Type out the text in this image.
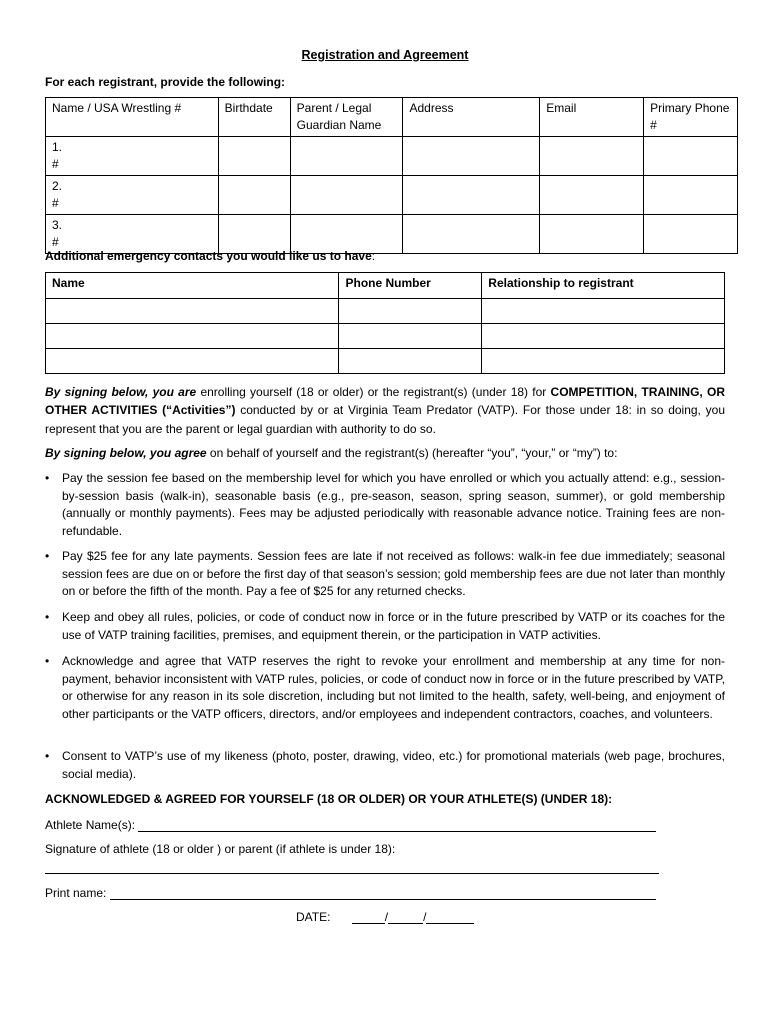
Registration and Agreement
For each registrant, provide the following:
Name / USA Wrestling #	Birthdate	Parent / Legal Guardian Name	Address	Email	Primary Phone #

1.
#					

2.
#					

3.
#					

Additional emergency contacts you would like us to have:
Name	Phone Number	Relationship to registrant

By signing below, you are enrolling yourself (18 or older) or the registrant(s) (under 18) for COMPETITION, TRAINING, OR OTHER ACTIVITIES (“Activities”) conducted by or at Virginia Team Predator (VATP). For those under 18: in so doing, you represent that you are the parent or legal guardian with authority to do so.
By signing below, you agree on behalf of yourself and the registrant(s) (hereafter “you”, “your,” or “my”) to:
•	Pay the session fee based on the membership level for which you have enrolled or which you actually attend: e.g., session-by-session basis (walk-in), seasonable basis (e.g., pre-season, season, spring season, summer), or gold membership (annually or monthly payments). Fees may be adjusted periodically with reasonable advance notice. Training fees are non-refundable.
•	Pay $25 fee for any late payments. Session fees are late if not received as follows: walk-in fee due immediately; seasonal session fees are due on or before the first day of that season’s session; gold membership fees are due not later than monthly on or before the fifth of the month. Pay a fee of $25 for any returned checks.
•	Keep and obey all rules, policies, or code of conduct now in force or in the future prescribed by VATP or its coaches for the use of VATP training facilities, premises, and equipment therein, or the participation in VATP activities.
•	Acknowledge and agree that VATP reserves the right to revoke your enrollment and membership at any time for non-payment, behavior inconsistent with VATP rules, policies, or code of conduct now in force or in the future prescribed by VATP, or otherwise for any reason in its sole discretion, including but not limited to the health, safety, well-being, and enjoyment of other participants or the VATP officers, directors, and/or employees and independent contractors, coaches, and volunteers.
•	Consent to VATP’s use of my likeness (photo, poster, drawing, video, etc.) for promotional materials (web page, brochures, social media).
ACKNOWLEDGED & AGREED FOR YOURSELF (18 OR OLDER) OR YOUR ATHLETE(S) (UNDER 18):
Athlete Name(s):
Signature of athlete (18 or older ) or parent (if athlete is under 18):
Print name:
DATE:	/	/
